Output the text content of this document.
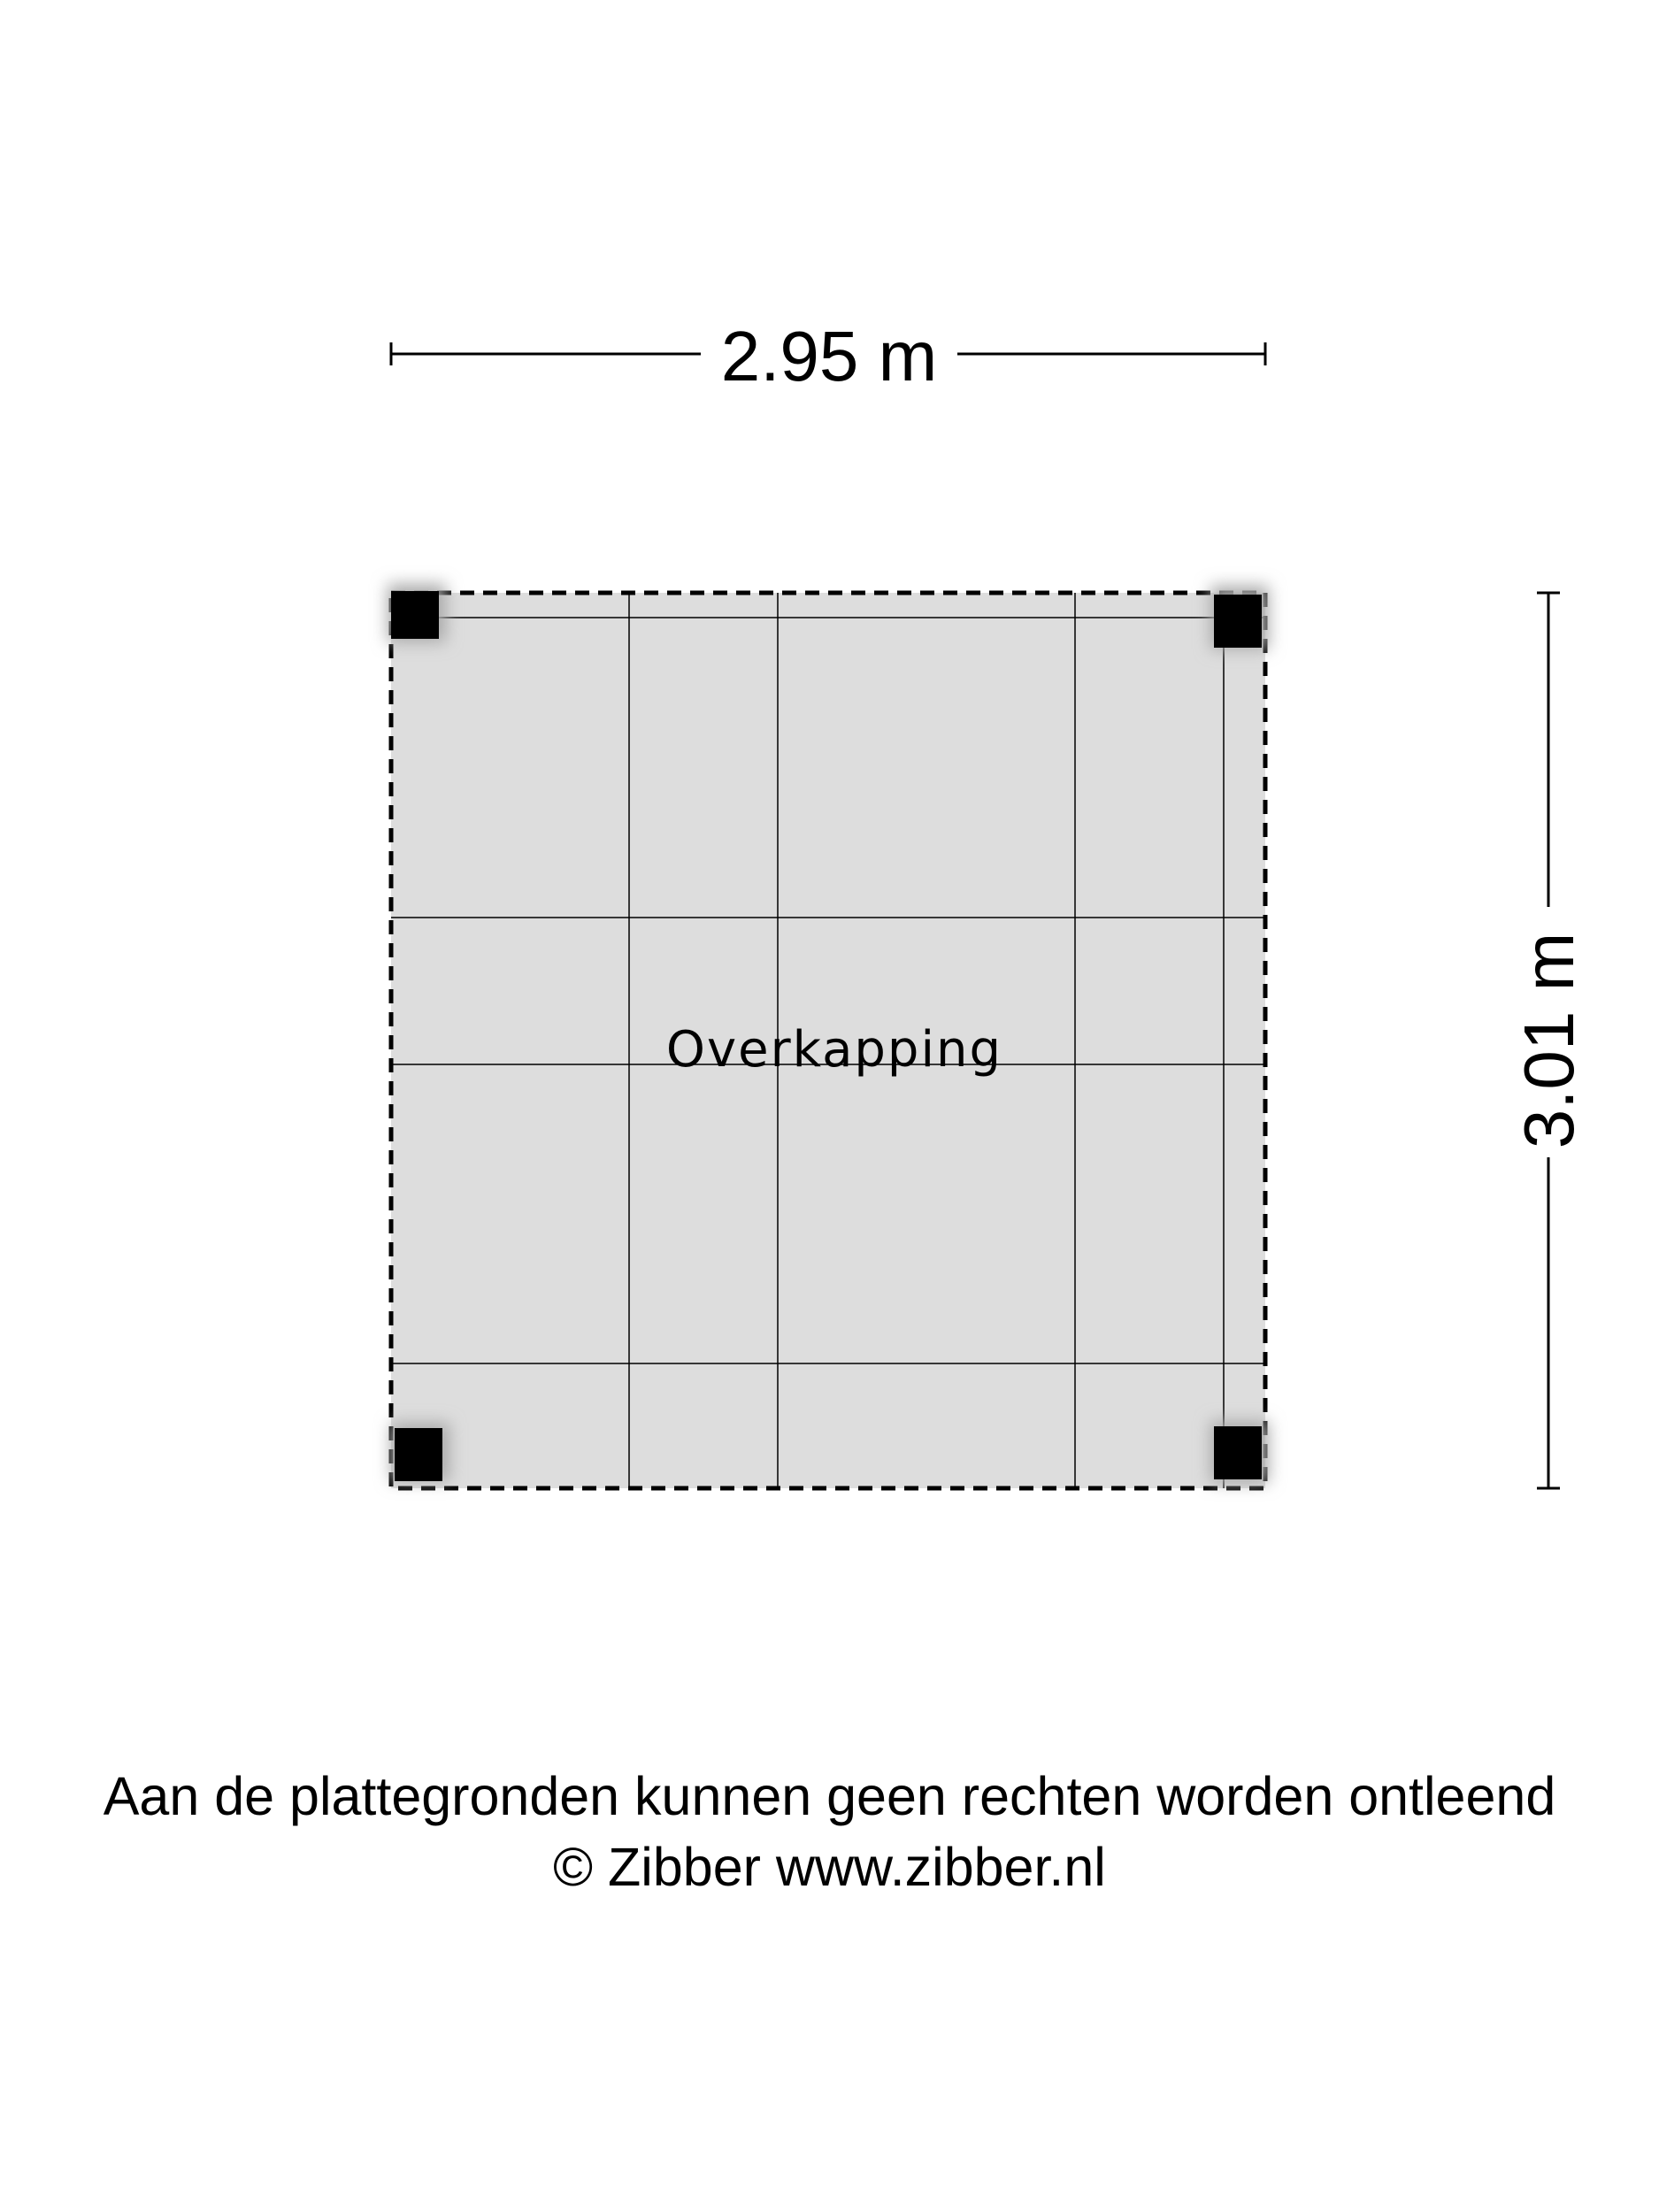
2.95 m
3.01 m
Overkapping
Aan de plattegronden kunnen geen rechten worden ontleend
© Zibber www.zibber.nl
